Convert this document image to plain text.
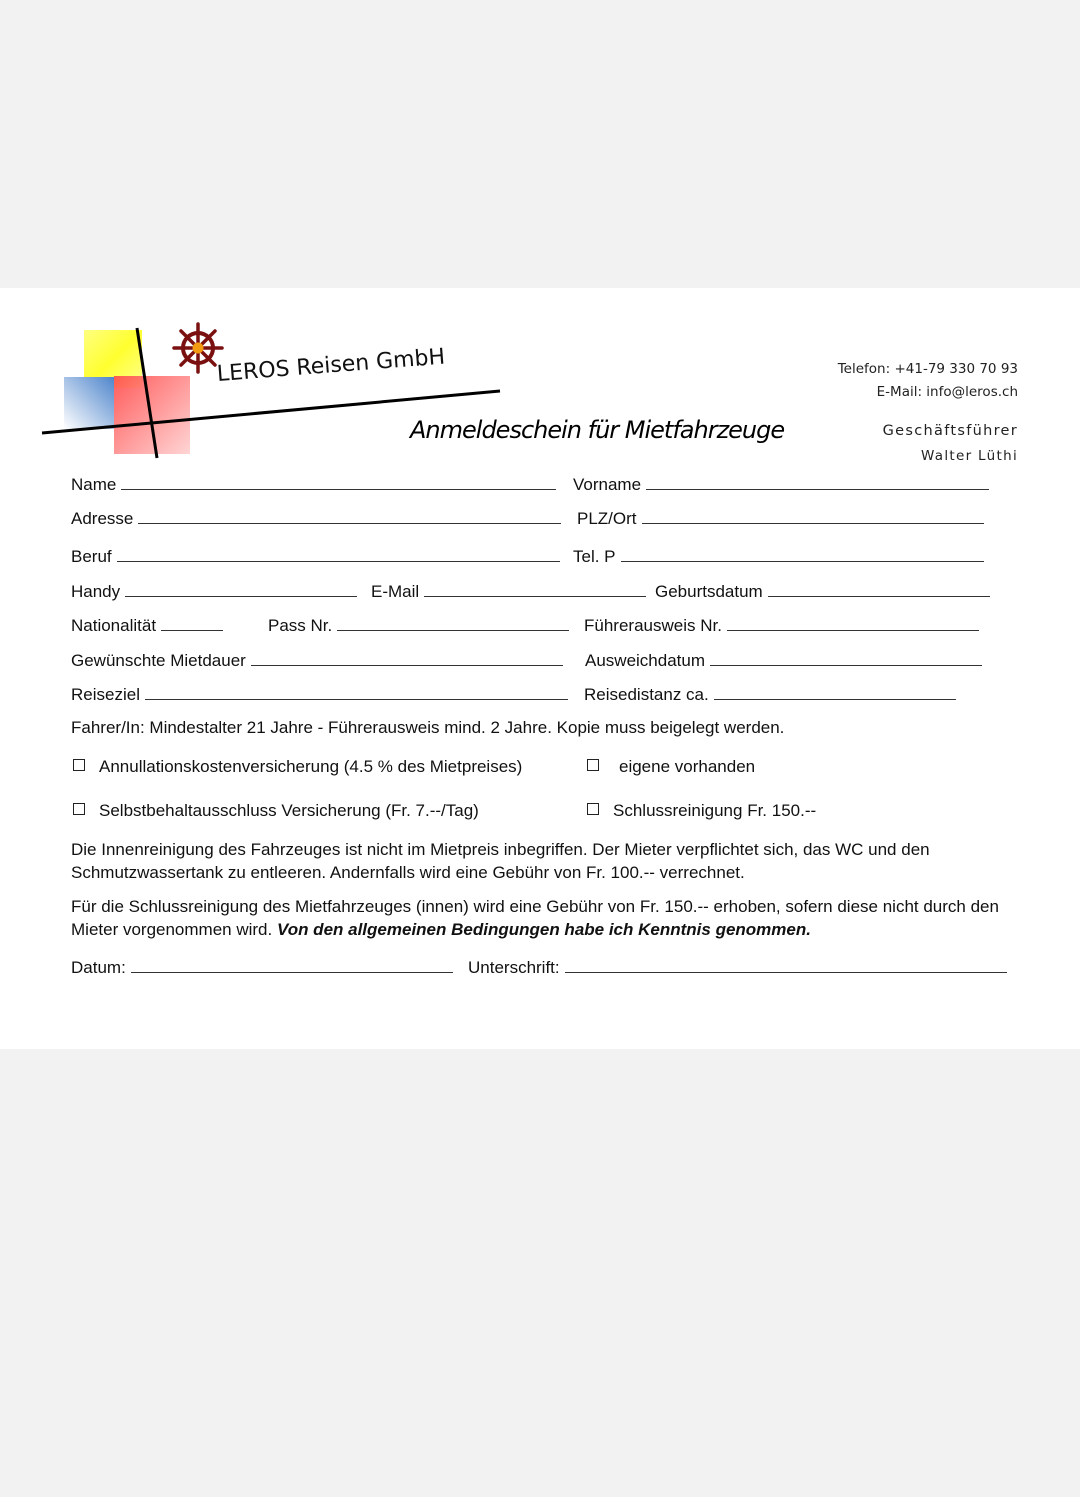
LEROS Reisen GmbH
Anmeldeschein für Mietfahrzeuge
Telefon: +41-79 330 70 93
E-Mail: info@leros.ch
Geschäftsführer
Walter Lüthi
Name	Vorname
Adresse	PLZ/Ort
Beruf	Tel. P
Handy	E-Mail	Geburtsdatum
Nationalität	Pass Nr.	Führerausweis Nr.
Gewünschte Mietdauer	Ausweichdatum
Reiseziel	Reisedistanz ca.
Fahrer/In: Mindestalter 21 Jahre - Führerausweis mind. 2 Jahre. Kopie muss beigelegt werden.
Annullationskostenversicherung (4.5 % des Mietpreises)	eigene vorhanden
Selbstbehaltausschluss Versicherung (Fr. 7.--/Tag)	Schlussreinigung Fr. 150.--
Die Innenreinigung des Fahrzeuges ist nicht im Mietpreis inbegriffen. Der Mieter verpflichtet sich, das WC und den Schmutzwassertank zu entleeren. Andernfalls wird eine Gebühr von Fr. 100.-- verrechnet.
Für die Schlussreinigung des Mietfahrzeuges (innen) wird eine Gebühr von Fr. 150.-- erhoben, sofern diese nicht durch den Mieter vorgenommen wird. Von den allgemeinen Bedingungen habe ich Kenntnis genommen.
Datum:	Unterschrift:
